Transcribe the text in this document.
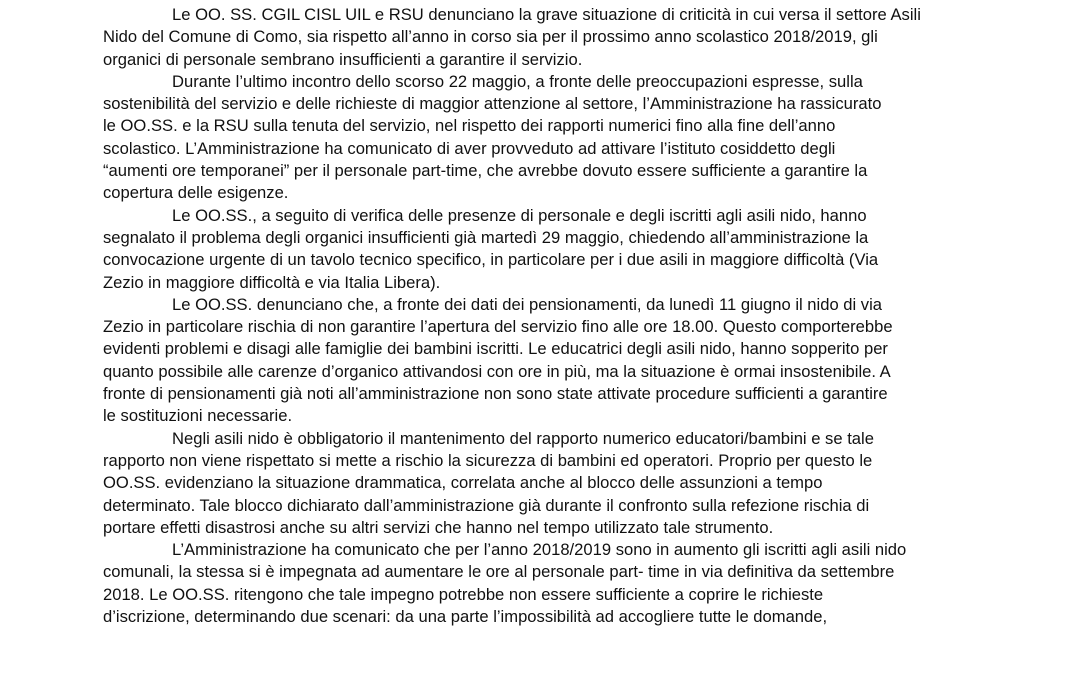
Le OO. SS. CGIL CISL UIL e RSU denunciano la grave situazione di criticità in cui versa il settore Asili
Nido del Comune di Como, sia rispetto all’anno in corso sia per il prossimo anno scolastico 2018/2019, gli
organici di personale sembrano insufficienti a garantire il servizio.
Durante l’ultimo incontro dello scorso 22 maggio, a fronte delle preoccupazioni espresse, sulla
sostenibilità del servizio e delle richieste di maggior attenzione al settore, l’Amministrazione ha rassicurato
le OO.SS. e la RSU sulla tenuta del servizio, nel rispetto dei rapporti numerici fino alla fine dell’anno
scolastico. L’Amministrazione ha comunicato di aver provveduto ad attivare l’istituto cosiddetto degli
“aumenti ore temporanei” per il personale part-time, che avrebbe dovuto essere sufficiente a garantire la
copertura delle esigenze.
Le OO.SS., a seguito di verifica delle presenze di personale e degli iscritti agli asili nido, hanno
segnalato il problema degli organici insufficienti già martedì 29 maggio, chiedendo all’amministrazione la
convocazione urgente di un tavolo tecnico specifico, in particolare per i due asili in maggiore difficoltà (Via
Zezio in maggiore difficoltà e via Italia Libera).
Le OO.SS. denunciano che, a fronte dei dati dei pensionamenti, da lunedì 11 giugno il nido di via
Zezio in particolare rischia di non garantire l’apertura del servizio fino alle ore 18.00. Questo comporterebbe
evidenti problemi e disagi alle famiglie dei bambini iscritti. Le educatrici degli asili nido, hanno sopperito per
quanto possibile alle carenze d’organico attivandosi con ore in più, ma la situazione è ormai insostenibile. A
fronte di pensionamenti già noti all’amministrazione non sono state attivate procedure sufficienti a garantire
le sostituzioni necessarie.
Negli asili nido è obbligatorio il mantenimento del rapporto numerico educatori/bambini e se tale
rapporto non viene rispettato si mette a rischio la sicurezza di bambini ed operatori. Proprio per questo le
OO.SS. evidenziano la situazione drammatica, correlata anche al blocco delle assunzioni a tempo
determinato. Tale blocco dichiarato dall’amministrazione già durante il confronto sulla refezione rischia di
portare effetti disastrosi anche su altri servizi che hanno nel tempo utilizzato tale strumento.
L’Amministrazione ha comunicato che per l’anno 2018/2019 sono in aumento gli iscritti agli asili nido
comunali, la stessa si è impegnata ad aumentare le ore al personale part- time in via definitiva da settembre
2018. Le OO.SS. ritengono che tale impegno potrebbe non essere sufficiente a coprire le richieste
d’iscrizione, determinando due scenari: da una parte l’impossibilità ad accogliere tutte le domande,
